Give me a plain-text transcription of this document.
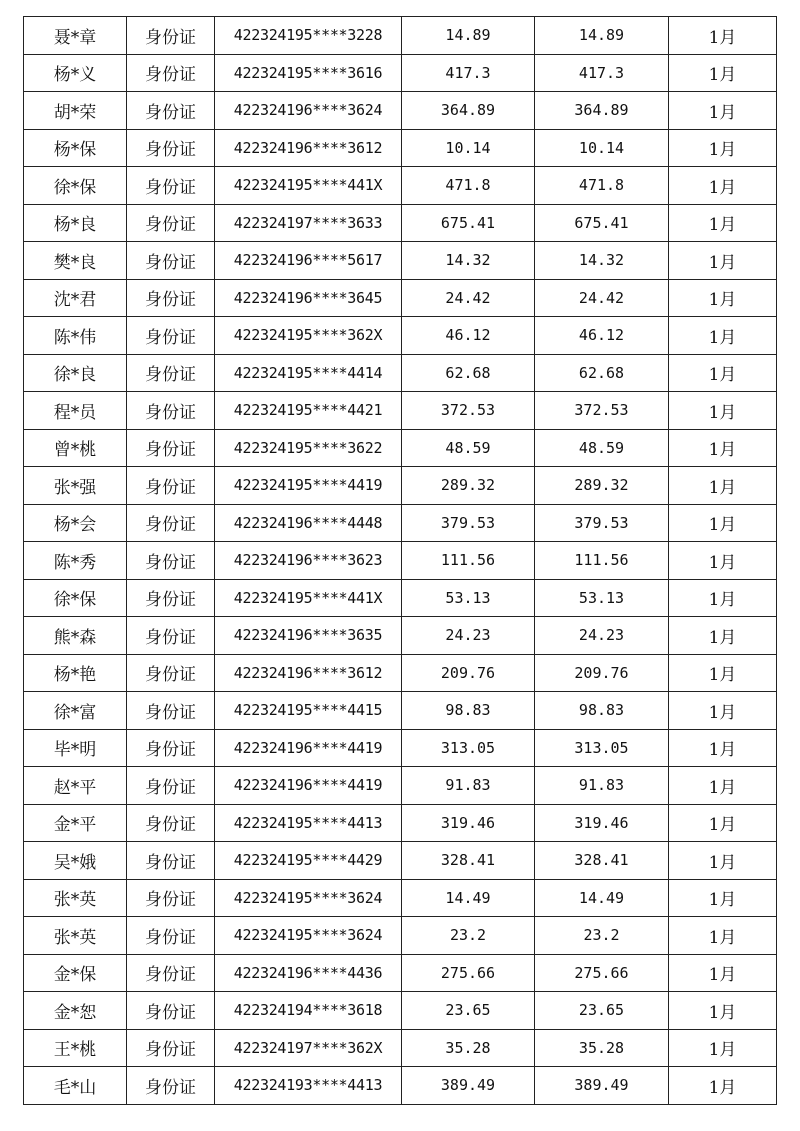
聂*章	身份证	422324195****3228	14.89	14.89	1月
杨*义	身份证	422324195****3616	417.3	417.3	1月
胡*荣	身份证	422324196****3624	364.89	364.89	1月
杨*保	身份证	422324196****3612	10.14	10.14	1月
徐*保	身份证	422324195****441X	471.8	471.8	1月
杨*良	身份证	422324197****3633	675.41	675.41	1月
樊*良	身份证	422324196****5617	14.32	14.32	1月
沈*君	身份证	422324196****3645	24.42	24.42	1月
陈*伟	身份证	422324195****362X	46.12	46.12	1月
徐*良	身份证	422324195****4414	62.68	62.68	1月
程*员	身份证	422324195****4421	372.53	372.53	1月
曾*桃	身份证	422324195****3622	48.59	48.59	1月
张*强	身份证	422324195****4419	289.32	289.32	1月
杨*会	身份证	422324196****4448	379.53	379.53	1月
陈*秀	身份证	422324196****3623	111.56	111.56	1月
徐*保	身份证	422324195****441X	53.13	53.13	1月
熊*森	身份证	422324196****3635	24.23	24.23	1月
杨*艳	身份证	422324196****3612	209.76	209.76	1月
徐*富	身份证	422324195****4415	98.83	98.83	1月
毕*明	身份证	422324196****4419	313.05	313.05	1月
赵*平	身份证	422324196****4419	91.83	91.83	1月
金*平	身份证	422324195****4413	319.46	319.46	1月
吴*娥	身份证	422324195****4429	328.41	328.41	1月
张*英	身份证	422324195****3624	14.49	14.49	1月
张*英	身份证	422324195****3624	23.2	23.2	1月
金*保	身份证	422324196****4436	275.66	275.66	1月
金*恕	身份证	422324194****3618	23.65	23.65	1月
王*桃	身份证	422324197****362X	35.28	35.28	1月
毛*山	身份证	422324193****4413	389.49	389.49	1月
